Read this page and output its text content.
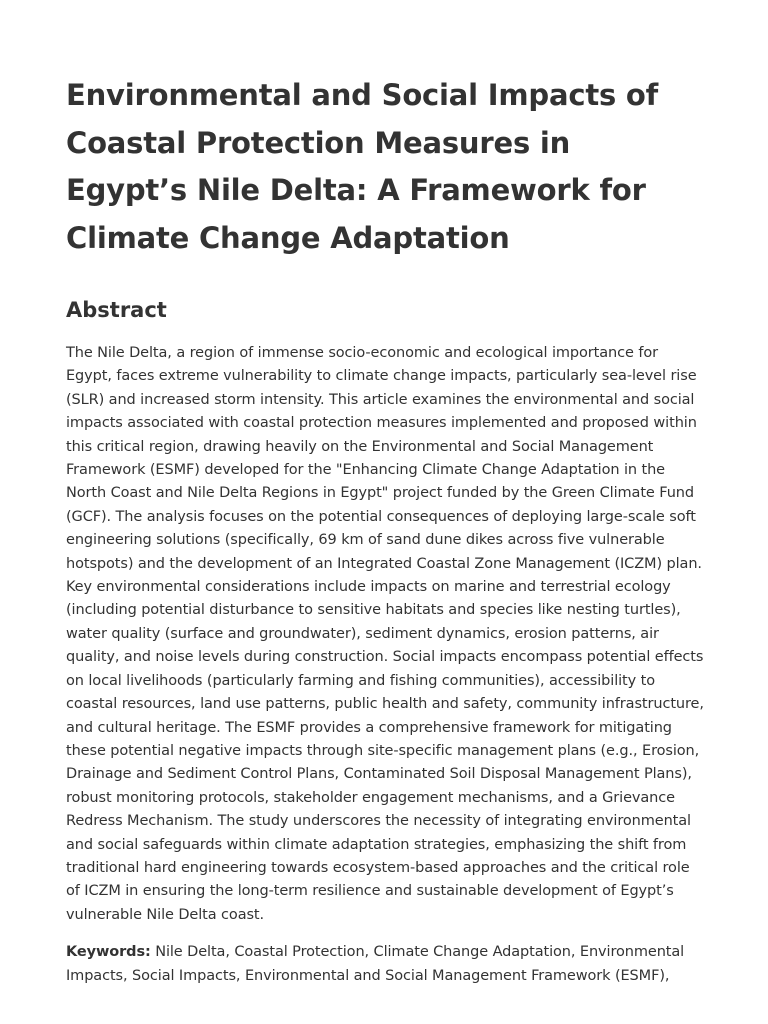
Environmental and Social Impacts of Coastal Protection Measures in Egypt’s Nile Delta: A Framework for Climate Change Adaptation
Abstract

The Nile Delta, a region of immense socio-economic and ecological importance for Egypt, faces extreme vulnerability to climate change impacts, particularly sea-level rise (SLR) and increased storm intensity. This article examines the environmental and social impacts associated with coastal protection measures implemented and proposed within this critical region, drawing heavily on the Environmental and Social Management Framework (ESMF) developed for the "Enhancing Climate Change Adaptation in the North Coast and Nile Delta Regions in Egypt" project funded by the Green Climate Fund (GCF). The analysis focuses on the potential consequences of deploying large-scale soft engineering solutions (specifically, 69 km of sand dune dikes across five vulnerable hotspots) and the development of an Integrated Coastal Zone Management (ICZM) plan. Key environmental considerations include impacts on marine and terrestrial ecology (including potential disturbance to sensitive habitats and species like nesting turtles), water quality (surface and groundwater), sediment dynamics, erosion patterns, air quality, and noise levels during construction. Social impacts encompass potential effects on local livelihoods (particularly farming and fishing communities), accessibility to coastal resources, land use patterns, public health and safety, community infrastructure, and cultural heritage. The ESMF provides a comprehensive framework for mitigating these potential negative impacts through site-specific management plans (e.g., Erosion, Drainage and Sediment Control Plans, Contaminated Soil Disposal Management Plans), robust monitoring protocols, stakeholder engagement mechanisms, and a Grievance Redress Mechanism. The study underscores the necessity of integrating environmental and social safeguards within climate adaptation strategies, emphasizing the shift from traditional hard engineering towards ecosystem-based approaches and the critical role of ICZM in ensuring the long-term resilience and sustainable development of Egypt’s vulnerable Nile Delta coast.

Keywords: Nile Delta, Coastal Protection, Climate Change Adaptation, Environmental Impacts, Social Impacts, Environmental and Social Management Framework (ESMF),
